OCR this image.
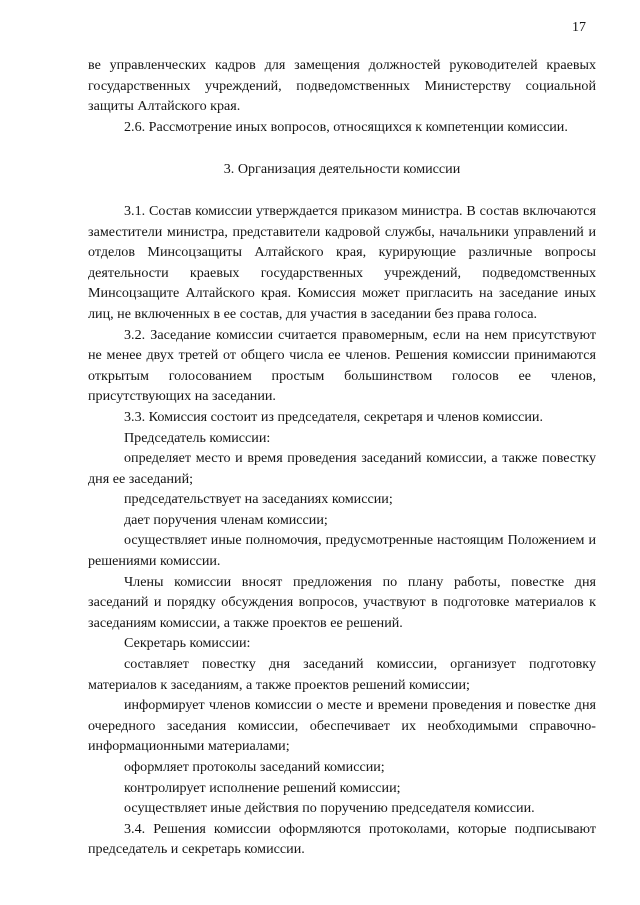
17

ве управленческих кадров для замещения должностей руководителей краевых государственных учреждений, подведомственных Министерству социальной защиты Алтайского края.

2.6. Рассмотрение иных вопросов, относящихся к компетенции комиссии.

3. Организация деятельности комиссии

3.1. Состав комиссии утверждается приказом министра. В состав включаются заместители министра, представители кадровой службы, начальники управлений и отделов Минсоцзащиты Алтайского края, курирующие различные вопросы деятельности краевых государственных учреждений, подведомственных Минсоцзащите Алтайского края. Комиссия может пригласить на заседание иных лиц, не включенных в ее состав, для участия в заседании без права голоса.

3.2. Заседание комиссии считается правомерным, если на нем присутствуют не менее двух третей от общего числа ее членов. Решения комиссии принимаются открытым голосованием простым большинством голосов ее членов, присутствующих на заседании.

3.3. Комиссия состоит из председателя, секретаря и членов комиссии.

Председатель комиссии:

определяет место и время проведения заседаний комиссии, а также повестку дня ее заседаний;

председательствует на заседаниях комиссии;

дает поручения членам комиссии;

осуществляет иные полномочия, предусмотренные настоящим Положением и решениями комиссии.

Члены комиссии вносят предложения по плану работы, повестке дня заседаний и порядку обсуждения вопросов, участвуют в подготовке материалов к заседаниям комиссии, а также проектов ее решений.

Секретарь комиссии:

составляет повестку дня заседаний комиссии, организует подготовку материалов к заседаниям, а также проектов решений комиссии;

информирует членов комиссии о месте и времени проведения и повестке дня очередного заседания комиссии, обеспечивает их необходимыми справочно-информационными материалами;

оформляет протоколы заседаний комиссии;

контролирует исполнение решений комиссии;

осуществляет иные действия по поручению председателя комиссии.

3.4. Решения комиссии оформляются протоколами, которые подписывают председатель и секретарь комиссии.
